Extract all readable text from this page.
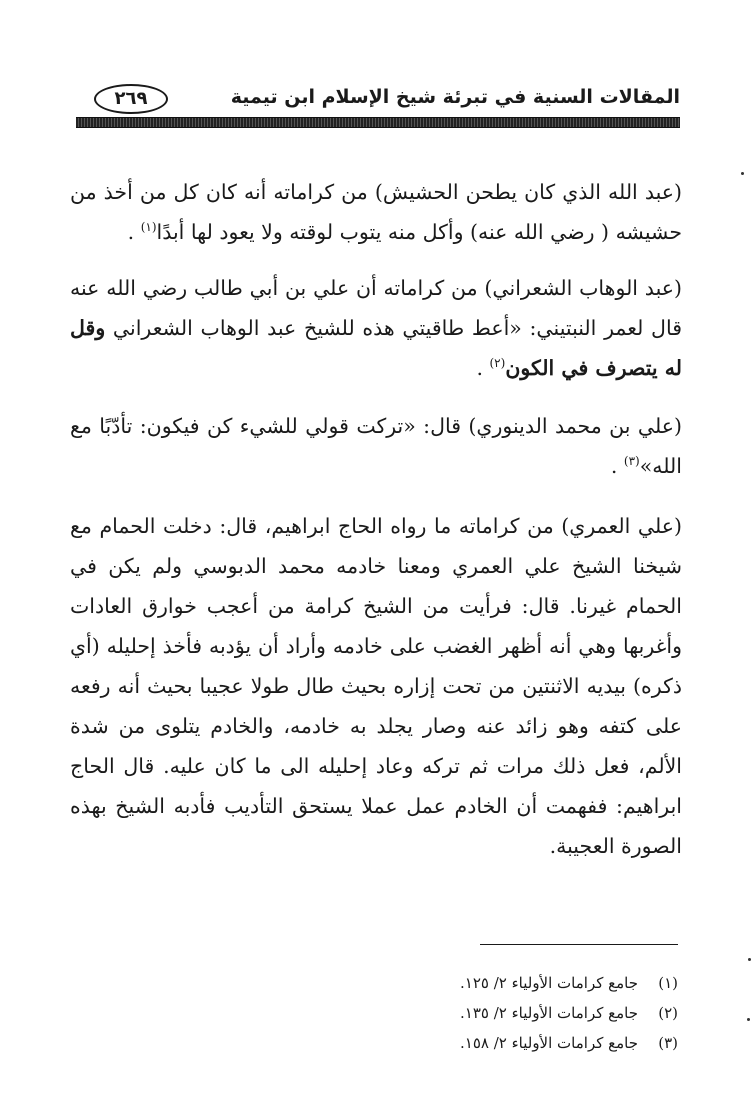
المقالات السنية في تبرئة شيخ الإسلام ابن تيمية
٢٦٩

(عبد الله الذي كان يطحن الحشيش) من كراماته أنه كان كل من أخذ من حشيشه ( رضي الله عنه) وأكل منه يتوب لوقته ولا يعود لها أبدًا$^{(١)}$ .

(عبد الوهاب الشعراني) من كراماته أن علي بن أبي طالب رضي الله عنه قال لعمر النبتيني: «أعط طاقيتي هذه للشيخ عبد الوهاب الشعراني وقل له يتصرف في الكون$^{(٢)}$ .

(علي بن محمد الدينوري) قال: «تركت قولي للشيء كن فيكون: تأدّبًا مع الله»$^{(٣)}$ .

(علي العمري) من كراماته ما رواه الحاج ابراهيم، قال: دخلت الحمام مع شيخنا الشيخ علي العمري ومعنا خادمه محمد الدبوسي ولم يكن في الحمام غيرنا. قال: فرأيت من الشيخ كرامة من أعجب خوارق العادات وأغربها وهي أنه أظهر الغضب على خادمه وأراد أن يؤدبه فأخذ إحليله (أي ذكره) بيديه الاثنتين من تحت إزاره بحيث طال طولا عجيبا بحيث أنه رفعه على كتفه وهو زائد عنه وصار يجلد به خادمه، والخادم يتلوى من شدة الألم، فعل ذلك مرات ثم تركه وعاد إحليله الى ما كان عليه. قال الحاج ابراهيم: ففهمت أن الخادم عمل عملا يستحق التأديب فأدبه الشيخ بهذه الصورة العجيبة.

(١)جامع كرامات الأولياء ٢/ ١٢٥.
(٢)جامع كرامات الأولياء ٢/ ١٣٥.
(٣)جامع كرامات الأولياء ٢/ ١٥٨.
